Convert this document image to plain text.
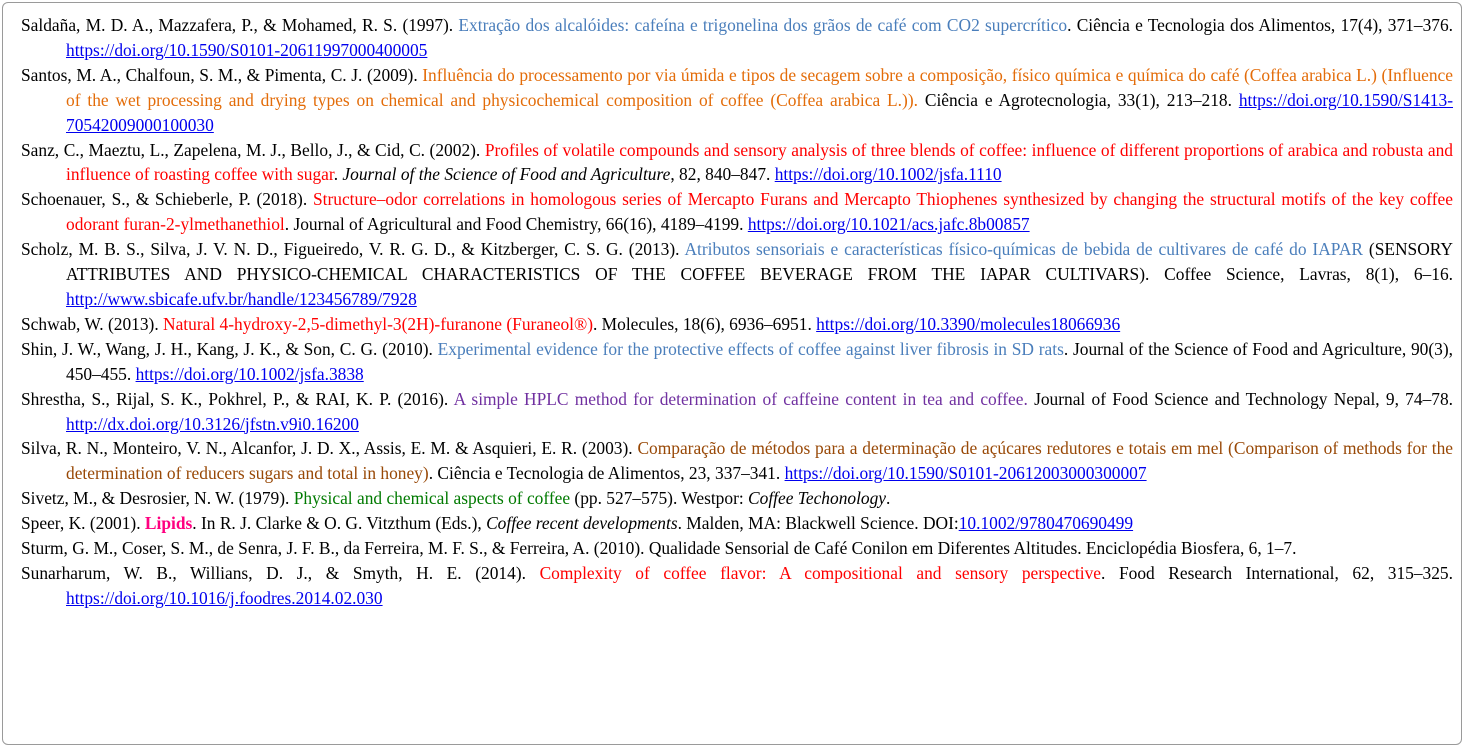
Saldaña, M. D. A., Mazzafera, P., & Mohamed, R. S. (1997). Extração dos alcalóides: cafeína e trigonelina dos grãos de café com CO2 supercrítico. Ciência e Tecnologia dos Alimentos, 17(4), 371–376. https://doi.org/10.1590/S0101-20611997000400005

Santos, M. A., Chalfoun, S. M., & Pimenta, C. J. (2009). Influência do processamento por via úmida e tipos de secagem sobre a composição, físico química e química do café (Coffea arabica L.) (Influence of the wet processing and drying types on chemical and physicochemical composition of coffee (Coffea arabica L.)). Ciência e Agrotecnologia, 33(1), 213–218. https://doi.org/10.1590/S1413-70542009000100030

Sanz, C., Maeztu, L., Zapelena, M. J., Bello, J., & Cid, C. (2002). Profiles of volatile compounds and sensory analysis of three blends of coffee: influence of different proportions of arabica and robusta and influence of roasting coffee with sugar. Journal of the Science of Food and Agriculture, 82, 840–847. https://doi.org/10.1002/jsfa.1110

Schoenauer, S., & Schieberle, P. (2018). Structure–odor correlations in homologous series of Mercapto Furans and Mercapto Thiophenes synthesized by changing the structural motifs of the key coffee odorant furan-2-ylmethanethiol. Journal of Agricultural and Food Chemistry, 66(16), 4189–4199. https://doi.org/10.1021/acs.jafc.8b00857

Scholz, M. B. S., Silva, J. V. N. D., Figueiredo, V. R. G. D., & Kitzberger, C. S. G. (2013). Atributos sensoriais e características físico-químicas de bebida de cultivares de café do IAPAR (SENSORY ATTRIBUTES AND PHYSICO-CHEMICAL CHARACTERISTICS OF THE COFFEE BEVERAGE FROM THE IAPAR CULTIVARS). Coffee Science, Lavras, 8(1), 6–16. http://www.sbicafe.ufv.br/handle/123456789/7928

Schwab, W. (2013). Natural 4-hydroxy-2,5-dimethyl-3(2H)-furanone (Furaneol®). Molecules, 18(6), 6936–6951. https://doi.org/10.3390/molecules18066936

Shin, J. W., Wang, J. H., Kang, J. K., & Son, C. G. (2010). Experimental evidence for the protective effects of coffee against liver fibrosis in SD rats. Journal of the Science of Food and Agriculture, 90(3), 450–455. https://doi.org/10.1002/jsfa.3838

Shrestha, S., Rijal, S. K., Pokhrel, P., & RAI, K. P. (2016). A simple HPLC method for determination of caffeine content in tea and coffee. Journal of Food Science and Technology Nepal, 9, 74–78. http://dx.doi.org/10.3126/jfstn.v9i0.16200

Silva, R. N., Monteiro, V. N., Alcanfor, J. D. X., Assis, E. M. & Asquieri, E. R. (2003). Comparação de métodos para a determinação de açúcares redutores e totais em mel (Comparison of methods for the determination of reducers sugars and total in honey). Ciência e Tecnologia de Alimentos, 23, 337–341. https://doi.org/10.1590/S0101-20612003000300007

Sivetz, M., & Desrosier, N. W. (1979). Physical and chemical aspects of coffee (pp. 527–575). Westpor: Coffee Techonology.

Speer, K. (2001). Lipids. In R. J. Clarke & O. G. Vitzthum (Eds.), Coffee recent developments. Malden, MA: Blackwell Science. DOI:10.1002/9780470690499

Sturm, G. M., Coser, S. M., de Senra, J. F. B., da Ferreira, M. F. S., & Ferreira, A. (2010). Qualidade Sensorial de Café Conilon em Diferentes Altitudes. Enciclopédia Biosfera, 6, 1–7.

Sunarharum, W. B., Willians, D. J., & Smyth, H. E. (2014). Complexity of coffee flavor: A compositional and sensory perspective. Food Research International, 62, 315–325. https://doi.org/10.1016/j.foodres.2014.02.030
